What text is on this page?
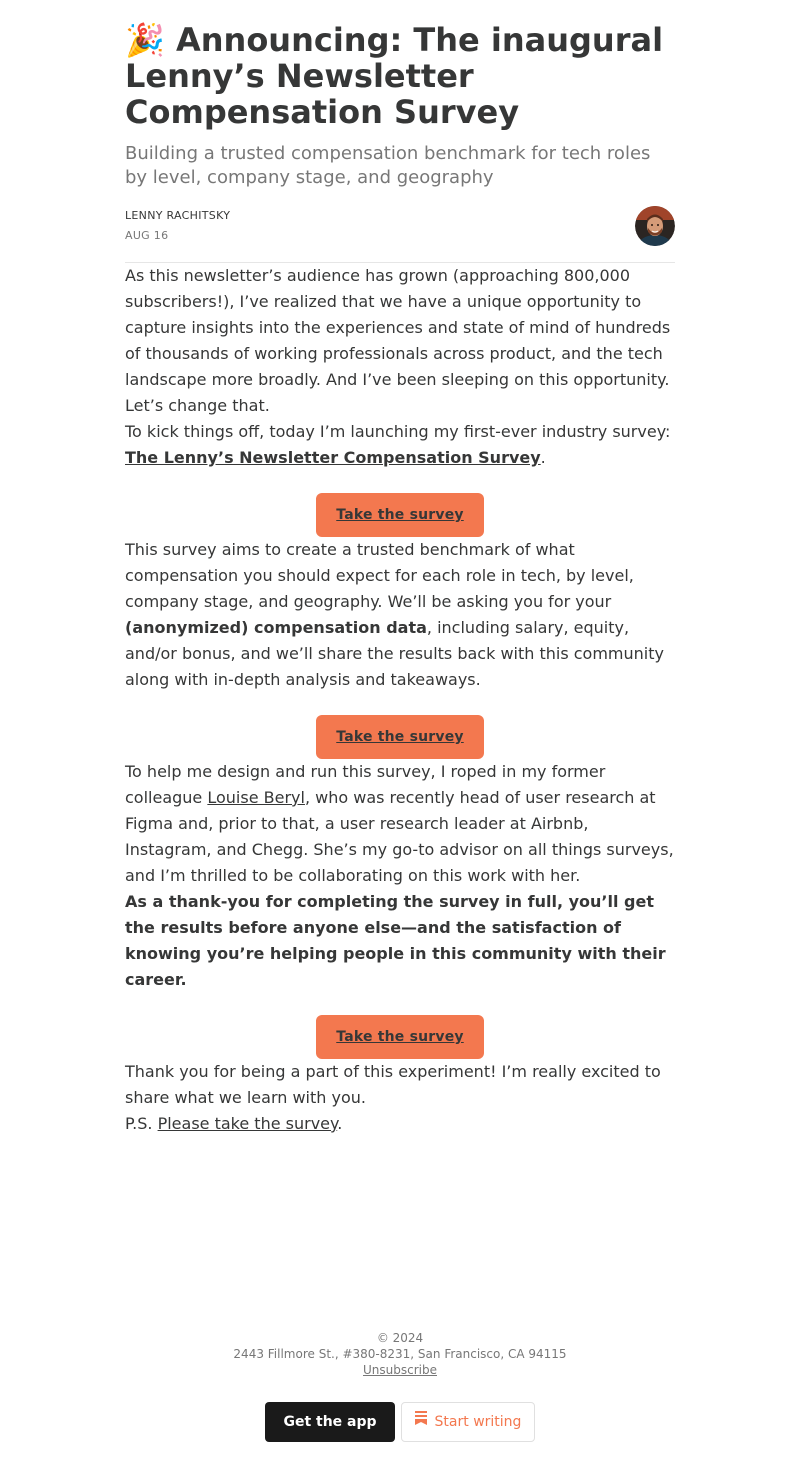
🎉 Announcing: The inaugural Lenny’s Newsletter Compensation Survey

Building a trusted compensation benchmark for tech roles by level, company stage, and geography

LENNY RACHITSKY
AUG 16

As this newsletter’s audience has grown (approaching 800,000 subscribers!), I’ve realized that we have a unique opportunity to capture insights into the experiences and state of mind of hundreds of thousands of working professionals across product, and the tech landscape more broadly. And I’ve been sleeping on this opportunity.

Let’s change that.

To kick things off, today I’m launching my first-ever industry survey: The Lenny’s Newsletter Compensation Survey.

Take the survey

This survey aims to create a trusted benchmark of what compensation you should expect for each role in tech, by level, company stage, and geography. We’ll be asking you for your (anonymized) compensation data, including salary, equity, and/or bonus, and we’ll share the results back with this community along with in-depth analysis and takeaways.

Take the survey

To help me design and run this survey, I roped in my former colleague Louise Beryl, who was recently head of user research at Figma and, prior to that, a user research leader at Airbnb, Instagram, and Chegg. She’s my go-to advisor on all things surveys, and I’m thrilled to be collaborating on this work with her.

As a thank-you for completing the survey in full, you’ll get the results before anyone else—and the satisfaction of knowing you’re helping people in this community with their career.

Take the survey

Thank you for being a part of this experiment! I’m really excited to share what we learn with you.

P.S. Please take the survey.

© 2024
2443 Fillmore St., #380-8231, San Francisco, CA 94115
Unsubscribe
Get the app	Start writing
